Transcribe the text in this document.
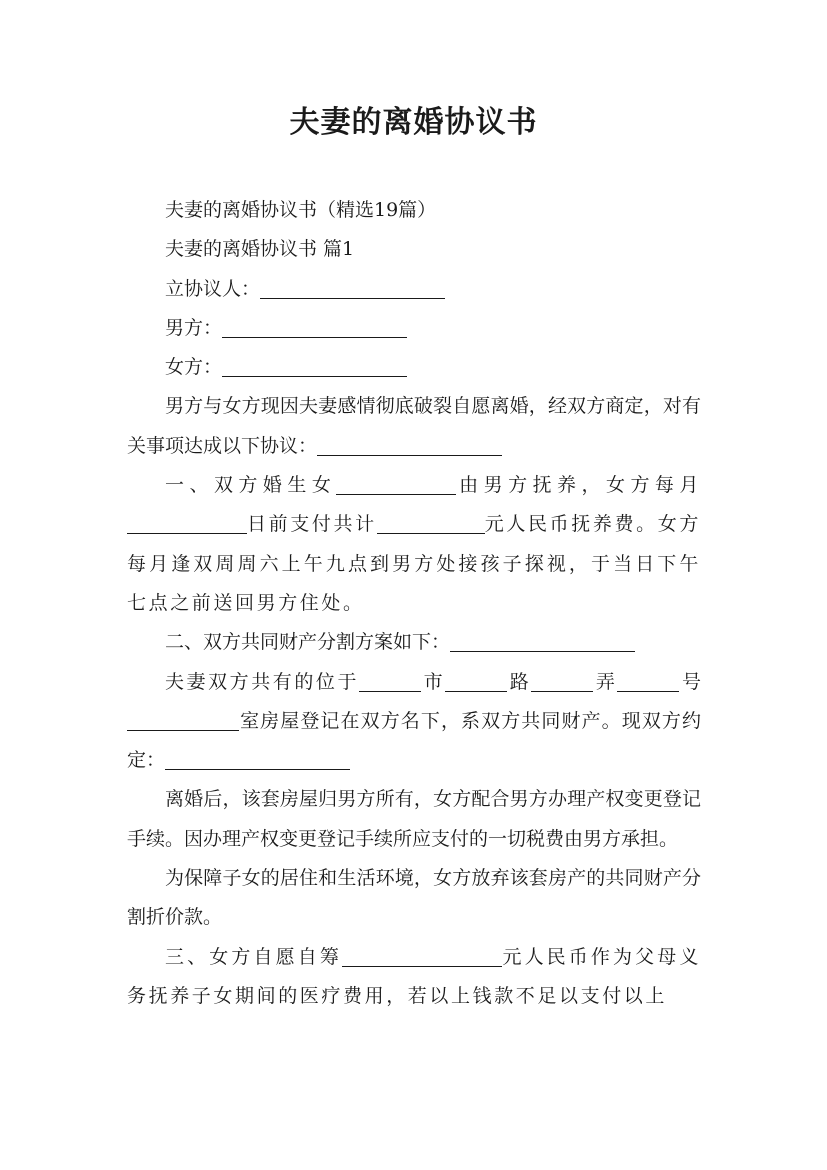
夫妻的离婚协议书

夫妻的离婚协议书（精选19篇）

夫妻的离婚协议书 篇1

立协议人：

男方：

女方：

男方与女方现因夫妻感情彻底破裂自愿离婚，经双方商定，对有关事项达成以下协议：

一、双方婚生女	由男方抚养，女方每月日前支付共计	元人民币抚养费。女方每月逢双周周六上午九点到男方处接孩子探视，于当日下午七点之前送回男方住处。

二、双方共同财产分割方案如下：

夫妻双方共有的位于	市	路	弄	号室房屋登记在双方名下，系双方共同财产。现双方约定：

离婚后，该套房屋归男方所有，女方配合男方办理产权变更登记手续。因办理产权变更登记手续所应支付的一切税费由男方承担。

为保障子女的居住和生活环境，女方放弃该套房产的共同财产分割折价款。

三、女方自愿自筹	元人民币作为父母义务抚养子女期间的医疗费用，若以上钱款不足以支付以上
